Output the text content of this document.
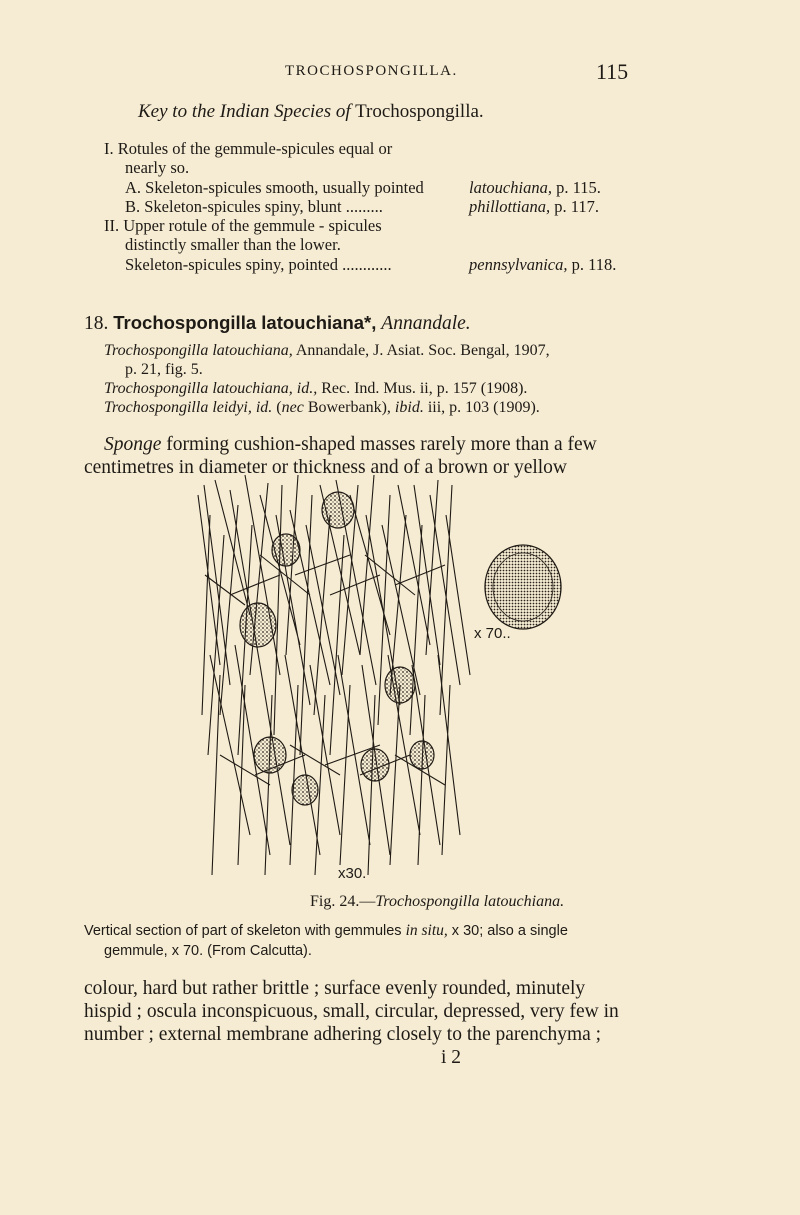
TROCHOSPONGILLA.	115
Key to the Indian Species of Trochospongilla.
I. Rotules of the gemmule-spicules equal or
nearly so.
A. Skeleton-spicules smooth, usually pointed
B. Skeleton-spicules spiny, blunt .........
II. Upper rotule of the gemmule - spicules
distinctly smaller than the lower.
Skeleton-spicules spiny, pointed ............
latouchiana, p. 115.
phillottiana, p. 117.
pennsylvanica, p. 118.
18. Trochospongilla latouchiana*, Annandale.
Trochospongilla latouchiana, Annandale, J. Asiat. Soc. Bengal, 1907,
p. 21, fig. 5.
Trochospongilla latouchiana, id., Rec. Ind. Mus. ii, p. 157 (1908).
Trochospongilla leidyi, id. (nec Bowerbank), ibid. iii, p. 103 (1909).
Sponge forming cushion-shaped masses rarely more than a few
centimetres in diameter or thickness and of a brown or yellow
x 70..
x30.
Fig. 24.—Trochospongilla latouchiana.
Vertical section of part of skeleton with gemmules in situ, x 30; also a single
gemmule, x 70. (From Calcutta).
colour, hard but rather brittle ; surface evenly rounded, minutely
hispid ; oscula inconspicuous, small, circular, depressed, very few in
number ; external membrane adhering closely to the parenchyma ;
i 2
